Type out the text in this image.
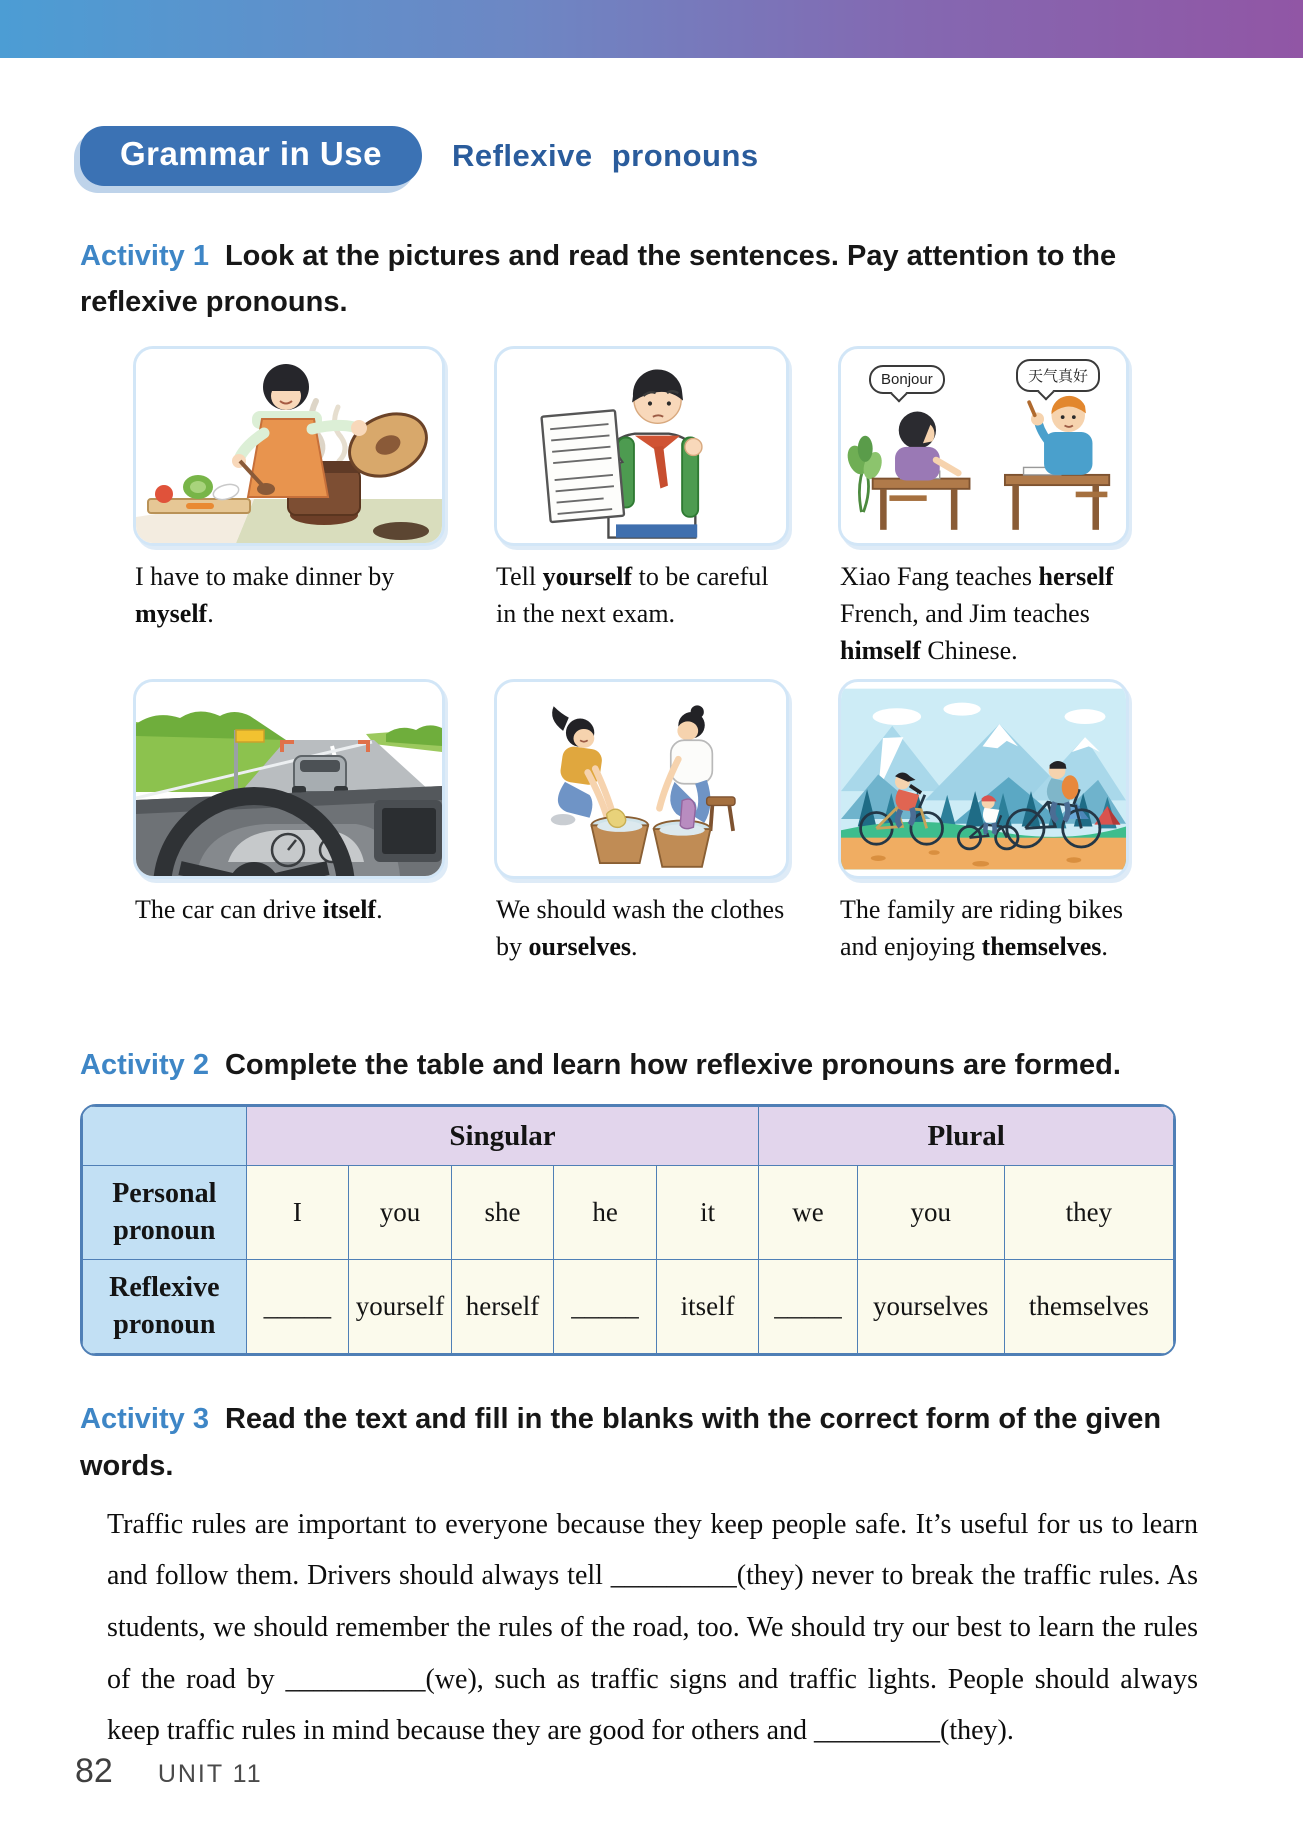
Grammar in Use	Reflexive pronouns
Activity 1 Look at the pictures and read the sentences. Pay attention to the reflexive pronouns.
I have to make dinner by myself.
Tell yourself to be careful in the next exam.
Bonjour	天气真好
Xiao Fang teaches herself French, and Jim teaches himself Chinese.
The car can drive itself.	We should wash the clothes by ourselves.
The family are riding bikes and enjoying themselves.
Activity 2 Complete the table and learn how reflexive pronouns are formed.
	Singular					Plural		
Personal pronoun	I	you	she	he	it	we	you	they
Reflexive pronoun	_____	yourself	herself	_____	itself	_____	yourselves	themselves
Activity 3 Read the text and fill in the blanks with the correct form of the given words.
Traffic rules are important to everyone because they keep people safe. It’s useful for us to learn and follow them. Drivers should always tell _________(they) never to break the traffic rules. As students, we should remember the rules of the road, too. We should try our best to learn the rules of the road by __________(we), such as traffic signs and traffic lights. People should always keep traffic rules in mind because they are good for others and _________(they).
82 UNIT 11
